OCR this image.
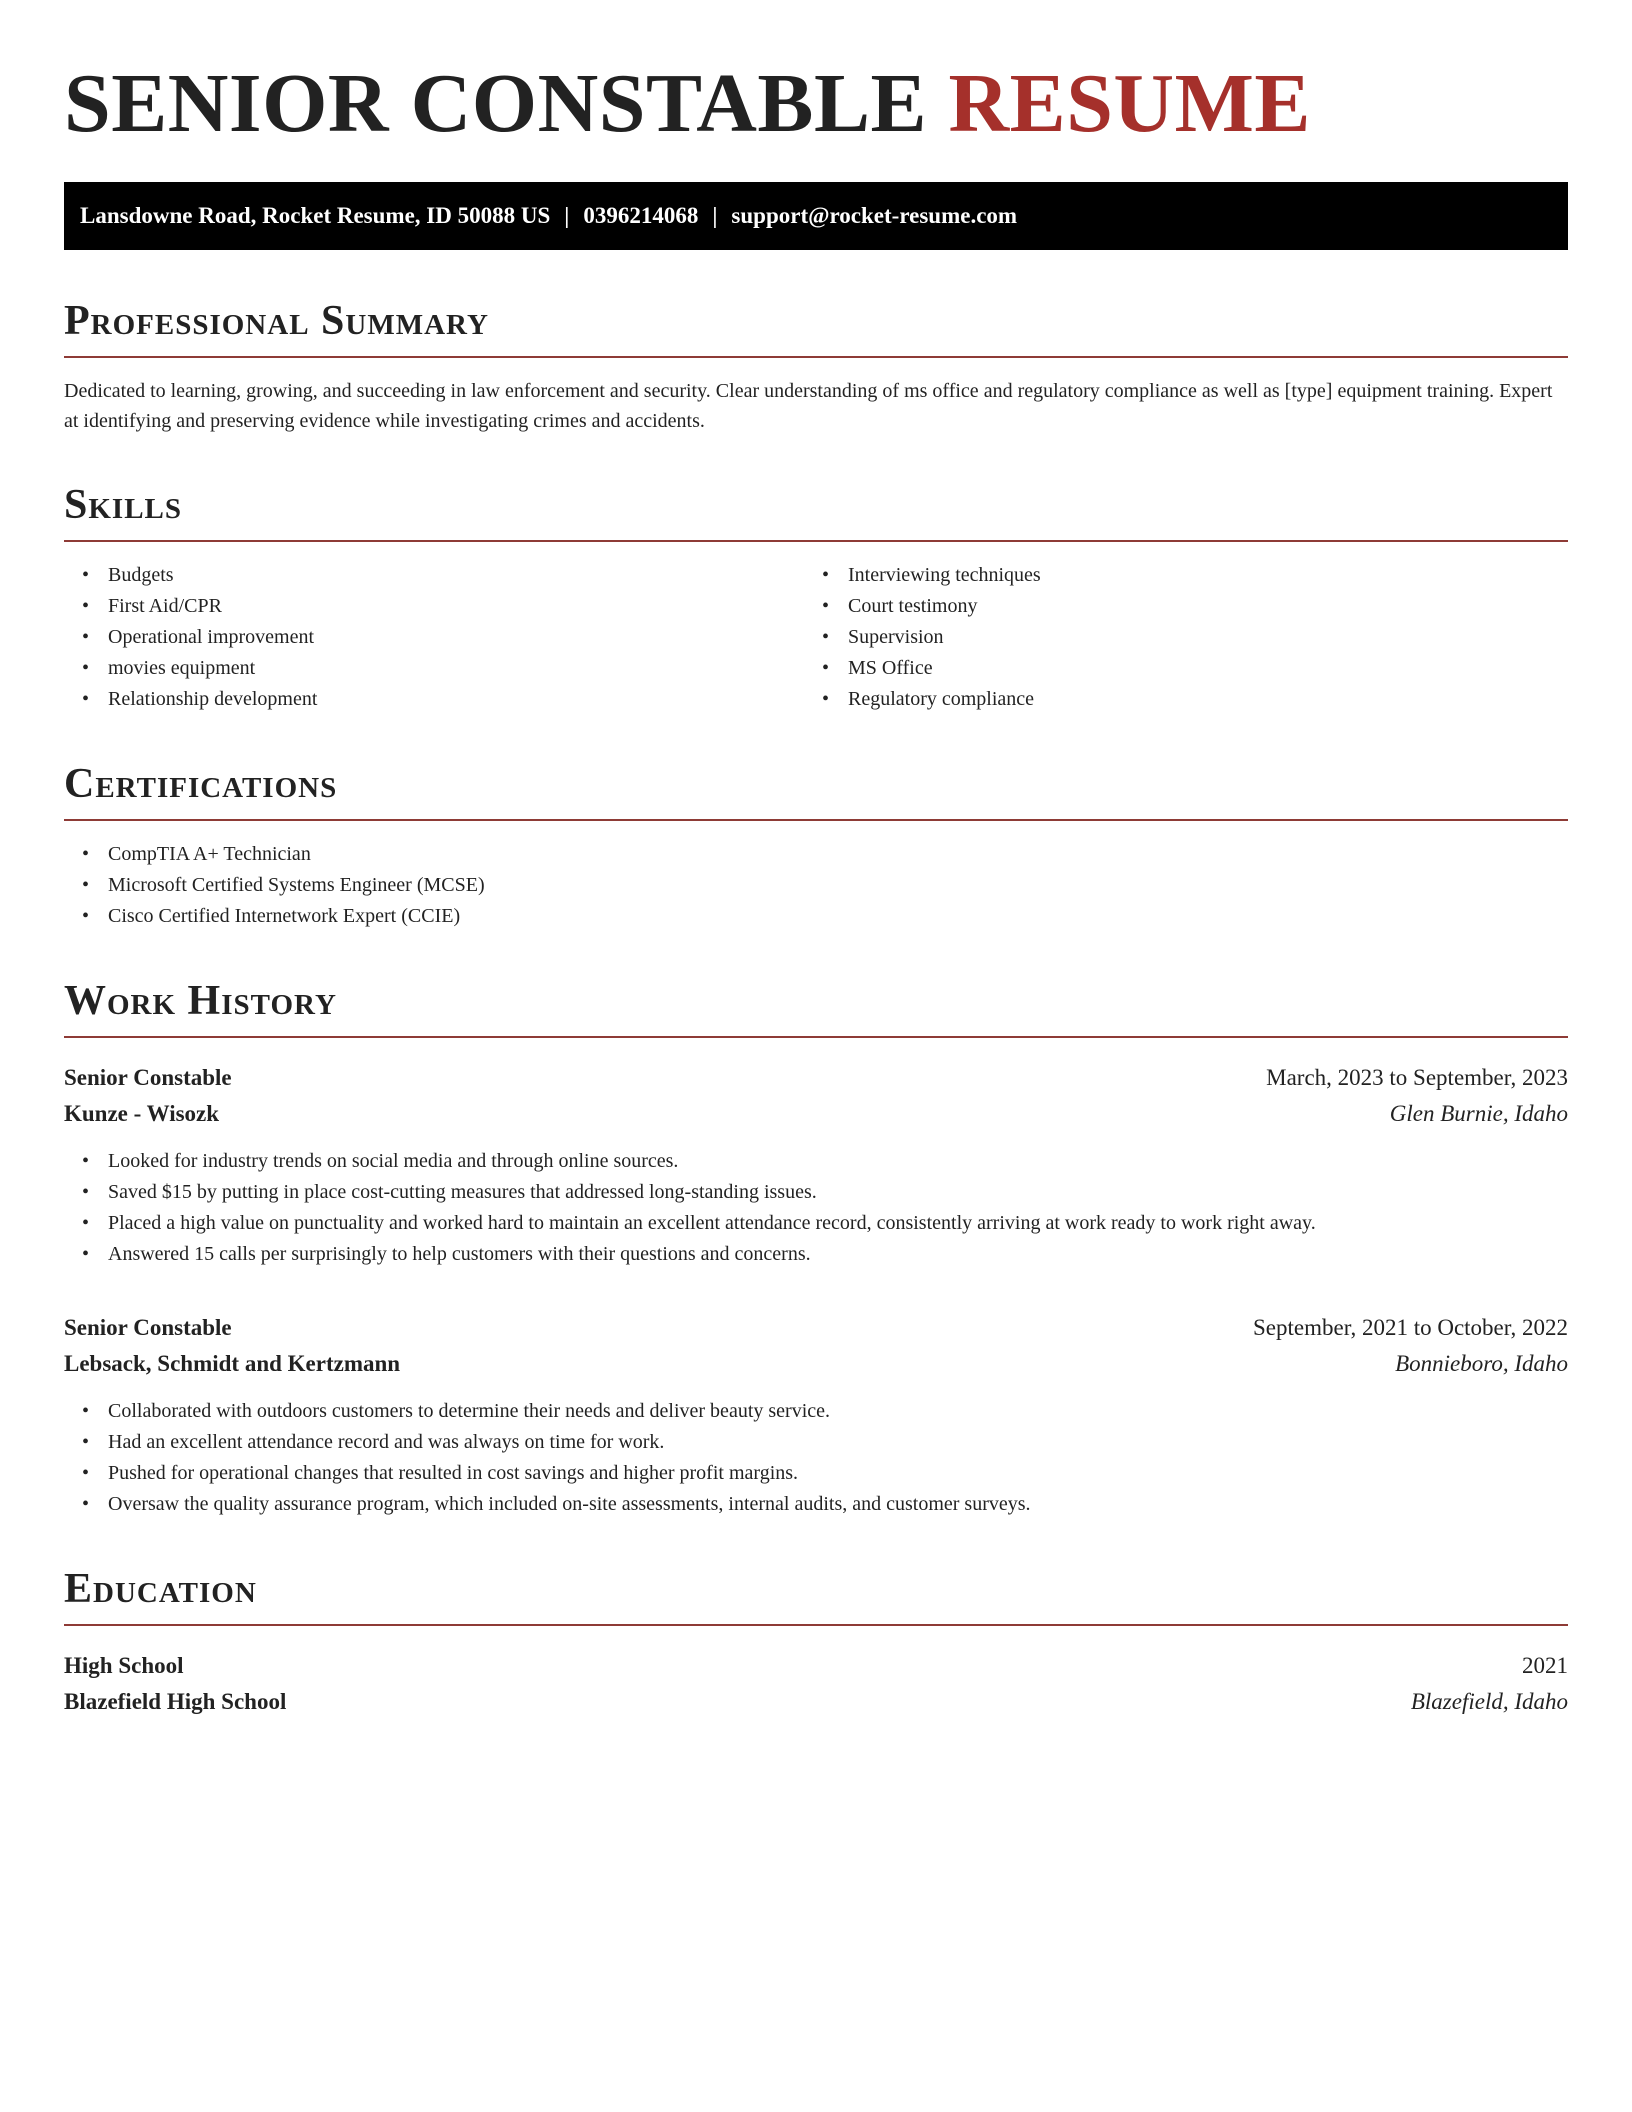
SENIOR CONSTABLE RESUME
Lansdowne Road, Rocket Resume, ID 50088 US | 0396214068 | support@rocket-resume.com
Professional Summary
Dedicated to learning, growing, and succeeding in law enforcement and security. Clear understanding of ms office and regulatory compliance as well as [type] equipment training. Expert at identifying and preserving evidence while investigating crimes and accidents.
Skills
• Budgets
• First Aid/CPR
• Operational improvement
• movies equipment
• Relationship development
• Interviewing techniques
• Court testimony
• Supervision
• MS Office
• Regulatory compliance
Certifications
• CompTIA A+ Technician
• Microsoft Certified Systems Engineer (MCSE)
• Cisco Certified Internetwork Expert (CCIE)
Work History
Senior Constable	March, 2023 to September, 2023
Kunze - Wisozk	Glen Burnie, Idaho
• Looked for industry trends on social media and through online sources.
• Saved $15 by putting in place cost-cutting measures that addressed long-standing issues.
• Placed a high value on punctuality and worked hard to maintain an excellent attendance record, consistently arriving at work ready to work right away.
• Answered 15 calls per surprisingly to help customers with their questions and concerns.
Senior Constable	September, 2021 to October, 2022
Lebsack, Schmidt and Kertzmann	Bonnieboro, Idaho
• Collaborated with outdoors customers to determine their needs and deliver beauty service.
• Had an excellent attendance record and was always on time for work.
• Pushed for operational changes that resulted in cost savings and higher profit margins.
• Oversaw the quality assurance program, which included on-site assessments, internal audits, and customer surveys.
Education
High School	2021
Blazefield High School	Blazefield, Idaho
